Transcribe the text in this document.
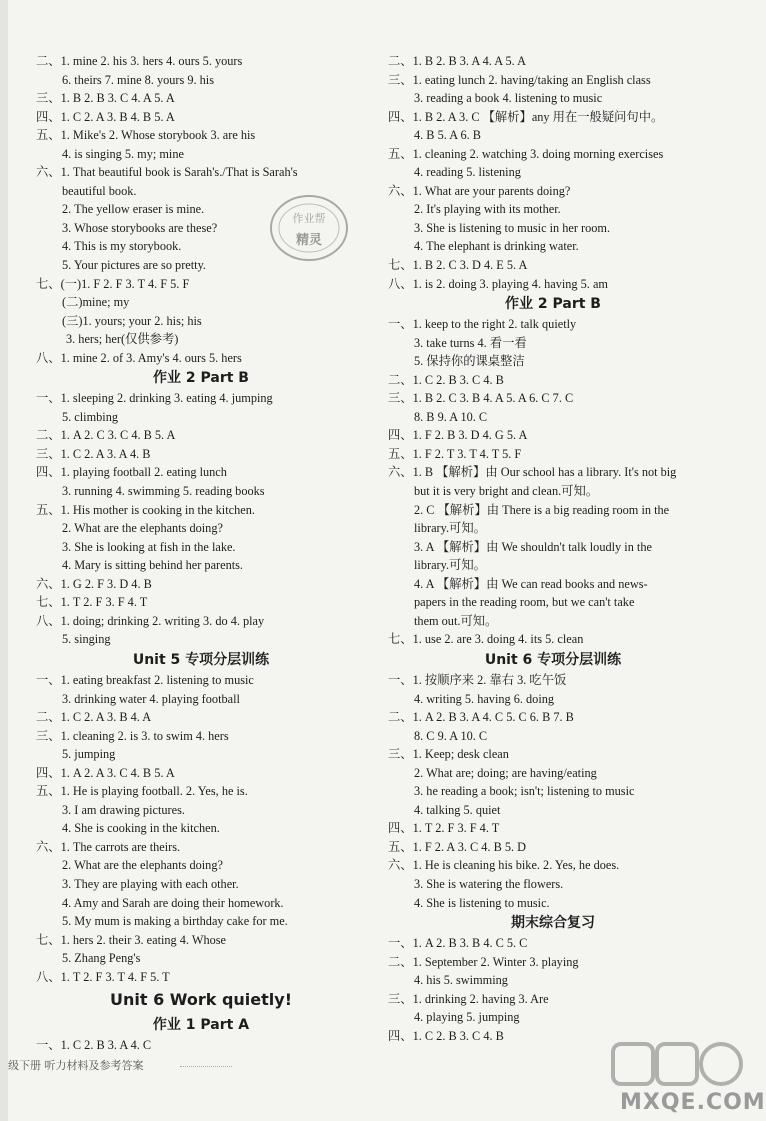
二、1. mine 2. his 3. hers 4. ours 5. yours
6. theirs 7. mine 8. yours 9. his
三、1. B 2. B 3. C 4. A 5. A
四、1. C 2. A 3. B 4. B 5. A
五、1. Mike's 2. Whose storybook 3. are his
4. is singing 5. my; mine
六、1. That beautiful book is Sarah's./That is Sarah's
beautiful book.
2. The yellow eraser is mine.
3. Whose storybooks are these?
4. This is my storybook.
5. Your pictures are so pretty.
七、(一)1. F 2. F 3. T 4. F 5. F
(二)mine; my
(三)1. yours; your 2. his; his
3. hers; her(仅供参考)
八、1. mine 2. of 3. Amy's 4. ours 5. hers
作业 2 Part B
一、1. sleeping 2. drinking 3. eating 4. jumping
5. climbing
二、1. A 2. C 3. C 4. B 5. A
三、1. C 2. A 3. A 4. B
四、1. playing football 2. eating lunch
3. running 4. swimming 5. reading books
五、1. His mother is cooking in the kitchen.
2. What are the elephants doing?
3. She is looking at fish in the lake.
4. Mary is sitting behind her parents.
六、1. G 2. F 3. D 4. B
七、1. T 2. F 3. F 4. T
八、1. doing; drinking 2. writing 3. do 4. play
5. singing
Unit 5 专项分层训练
一、1. eating breakfast 2. listening to music
3. drinking water 4. playing football
二、1. C 2. A 3. B 4. A
三、1. cleaning 2. is 3. to swim 4. hers
5. jumping
四、1. A 2. A 3. C 4. B 5. A
五、1. He is playing football. 2. Yes, he is.
3. I am drawing pictures.
4. She is cooking in the kitchen.
六、1. The carrots are theirs.
2. What are the elephants doing?
3. They are playing with each other.
4. Amy and Sarah are doing their homework.
5. My mum is making a birthday cake for me.
七、1. hers 2. their 3. eating 4. Whose
5. Zhang Peng's
八、1. T 2. F 3. T 4. F 5. T
Unit 6 Work quietly!
作业 1 Part A
一、1. C 2. B 3. A 4. C
二、1. B 2. B 3. A 4. A 5. A
三、1. eating lunch 2. having/taking an English class
3. reading a book 4. listening to music
四、1. B 2. A 3. C 【解析】any 用在一般疑问句中。
4. B 5. A 6. B
五、1. cleaning 2. watching 3. doing morning exercises
4. reading 5. listening
六、1. What are your parents doing?
2. It's playing with its mother.
3. She is listening to music in her room.
4. The elephant is drinking water.
七、1. B 2. C 3. D 4. E 5. A
八、1. is 2. doing 3. playing 4. having 5. am
作业 2 Part B
一、1. keep to the right 2. talk quietly
3. take turns 4. 看一看
5. 保持你的课桌整洁
二、1. C 2. B 3. C 4. B
三、1. B 2. C 3. B 4. A 5. A 6. C 7. C
8. B 9. A 10. C
四、1. F 2. B 3. D 4. G 5. A
五、1. F 2. T 3. T 4. T 5. F
六、1. B 【解析】由 Our school has a library. It's not big
but it is very bright and clean.可知。
2. C 【解析】由 There is a big reading room in the
library.可知。
3. A 【解析】由 We shouldn't talk loudly in the
library.可知。
4. A 【解析】由 We can read books and news-
papers in the reading room, but we can't take
them out.可知。
七、1. use 2. are 3. doing 4. its 5. clean
Unit 6 专项分层训练
一、1. 按顺序来 2. 靠右 3. 吃午饭
4. writing 5. having 6. doing
二、1. A 2. B 3. A 4. C 5. C 6. B 7. B
8. C 9. A 10. C
三、1. Keep; desk clean
2. What are; doing; are having/eating
3. he reading a book; isn't; listening to music
4. talking 5. quiet
四、1. T 2. F 3. F 4. T
五、1. F 2. A 3. C 4. B 5. D
六、1. He is cleaning his bike. 2. Yes, he does.
3. She is watering the flowers.
4. She is listening to music.
期末综合复习
一、1. A 2. B 3. B 4. C 5. C
二、1. September 2. Winter 3. playing
4. his 5. swimming
三、1. drinking 2. having 3. Are
4. playing 5. jumping
四、1. C 2. B 3. C 4. B
作业帮
精灵
级下册 听力材料及参考答案
MXQE.COM
